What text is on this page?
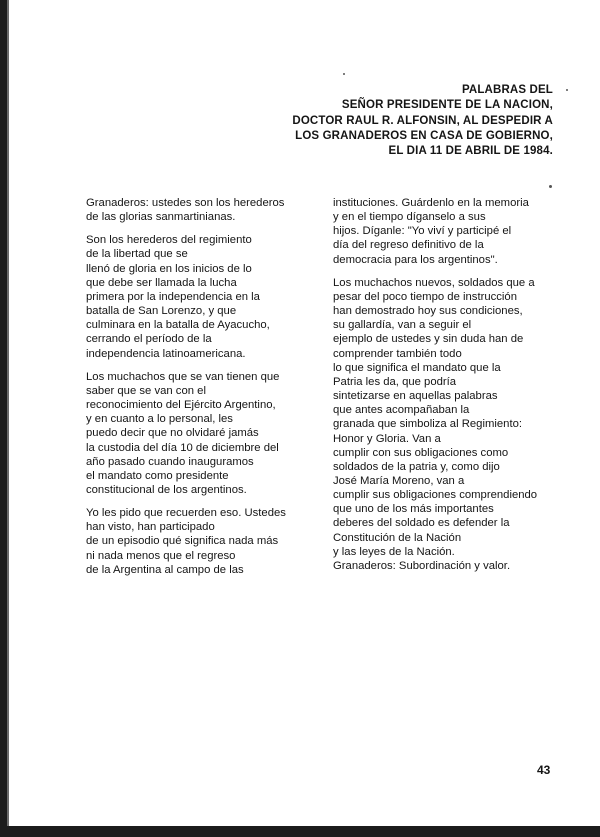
PALABRAS DEL
SEÑOR PRESIDENTE DE LA NACION,
DOCTOR RAUL R. ALFONSIN, AL DESPEDIR A
LOS GRANADEROS EN CASA DE GOBIERNO,
EL DIA 11 DE ABRIL DE 1984.
Granaderos: ustedes son los herederos
de las glorias sanmartinianas.
Son los herederos del regimiento
de la libertad que se
llenó de gloria en los inicios de lo
que debe ser llamada la lucha
primera por la independencia en la
batalla de San Lorenzo, y que
culminara en la batalla de Ayacucho,
cerrando el período de la
independencia latinoamericana.
Los muchachos que se van tienen que
saber que se van con el
reconocimiento del Ejército Argentino,
y en cuanto a lo personal, les
puedo decir que no olvidaré jamás
la custodia del día 10 de diciembre del
año pasado cuando inauguramos
el mandato como presidente
constitucional de los argentinos.
Yo les pido que recuerden eso. Ustedes
han visto, han participado
de un episodio qué significa nada más
ni nada menos que el regreso
de la Argentina al campo de las
instituciones. Guárdenlo en la memoria
y en el tiempo díganselo a sus
hijos. Díganle: "Yo viví y participé el
día del regreso definitivo de la
democracia para los argentinos".
Los muchachos nuevos, soldados que a
pesar del poco tiempo de instrucción
han demostrado hoy sus condiciones,
su gallardía, van a seguir el
ejemplo de ustedes y sin duda han de
comprender también todo
lo que significa el mandato que la
Patria les da, que podría
sintetizarse en aquellas palabras
que antes acompañaban la
granada que simboliza al Regimiento:
Honor y Gloria. Van a
cumplir con sus obligaciones como
soldados de la patria y, como dijo
José María Moreno, van a
cumplir sus obligaciones comprendiendo
que uno de los más importantes
deberes del soldado es defender la
Constitución de la Nación
y las leyes de la Nación.
Granaderos: Subordinación y valor.
43
